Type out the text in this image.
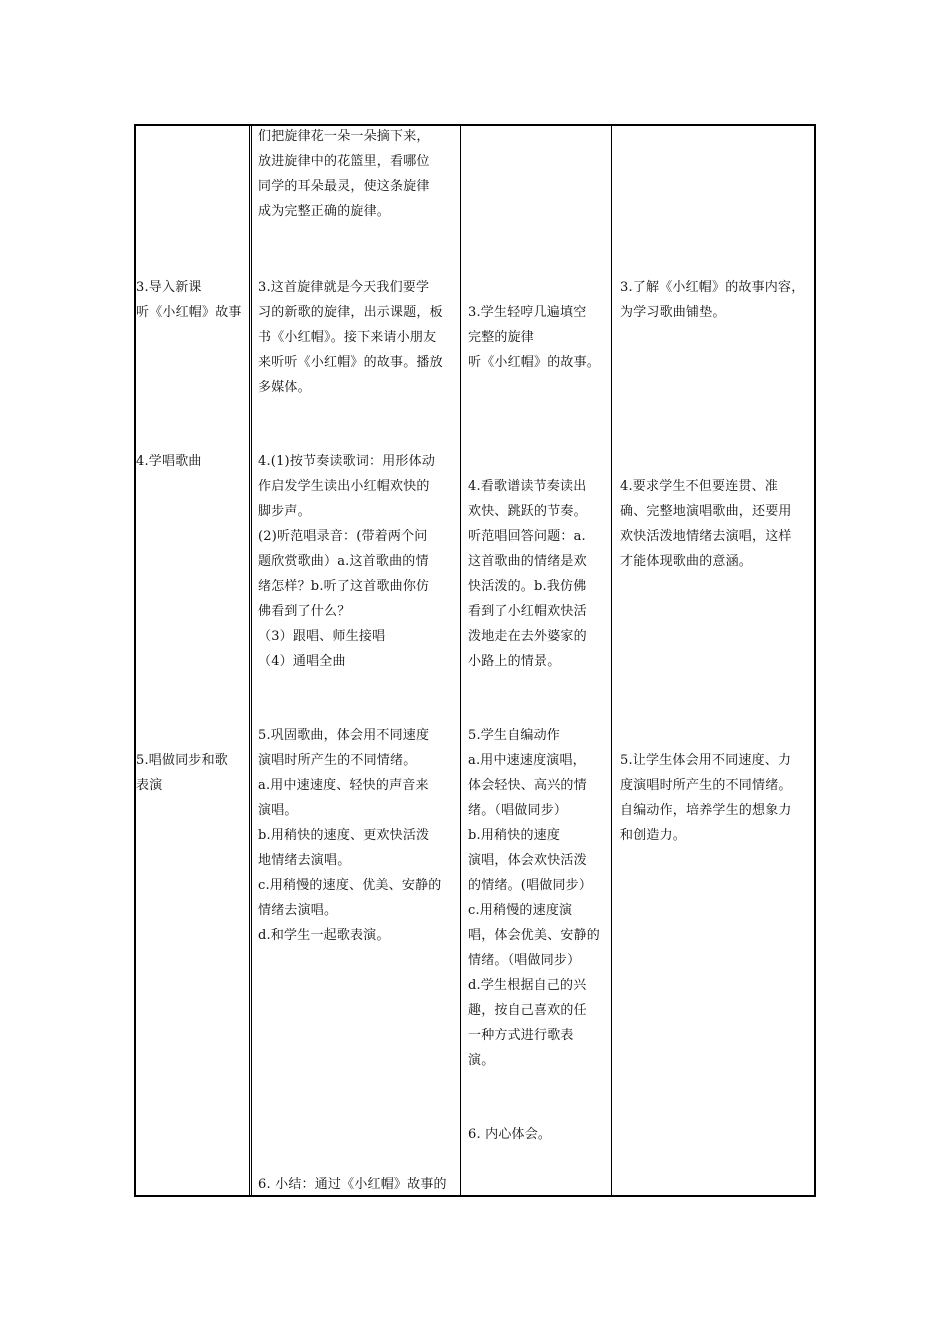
们把旋律花一朵一朵摘下来，
放进旋律中的花篮里，看哪位
同学的耳朵最灵，使这条旋律
成为完整正确的旋律。
3.导入新课
听《小红帽》故事
3.这首旋律就是今天我们要学
习的新歌的旋律，出示课题，板
书《小红帽》。接下来请小朋友
来听听《小红帽》的故事。播放
多媒体。
3.学生轻哼几遍填空
完整的旋律
听《小红帽》的故事。
3.了解《小红帽》的故事内容，
为学习歌曲铺垫。
4.学唱歌曲	4.(1)按节奏读歌词：用形体动
作启发学生读出小红帽欢快的
脚步声。
(2)听范唱录音：(带着两个问
题欣赏歌曲）a.这首歌曲的情
绪怎样？b.听了这首歌曲你仿
佛看到了什么？
（3）跟唱、师生接唱
（4）通唱全曲
4.看歌谱读节奏读出
欢快、跳跃的节奏。
听范唱回答问题：a.
这首歌曲的情绪是欢
快活泼的。b.我仿佛
看到了小红帽欢快活
泼地走在去外婆家的
小路上的情景。
4.要求学生不但要连贯、准
确、完整地演唱歌曲，还要用
欢快活泼地情绪去演唱，这样
才能体现歌曲的意涵。
5.唱做同步和歌
表演
5.巩固歌曲，体会用不同速度
演唱时所产生的不同情绪。
a.用中速速度、轻快的声音来
演唱。
b.用稍快的速度、更欢快活泼
地情绪去演唱。
c.用稍慢的速度、优美、安静的
情绪去演唱。
d.和学生一起歌表演。
5.学生自编动作
a.用中速速度演唱，
体会轻快、高兴的情
绪。（唱做同步）
b.用稍快的速度
演唱，体会欢快活泼
的情绪。(唱做同步）
c.用稍慢的速度演
唱，体会优美、安静的
情绪。（唱做同步）
d.学生根据自己的兴
趣，按自己喜欢的任
一种方式进行歌表
演。
5.让学生体会用不同速度、力
度演唱时所产生的不同情绪。
自编动作，培养学生的想象力
和创造力。
6. 内心体会。
6. 小结：通过《小红帽》故事的
